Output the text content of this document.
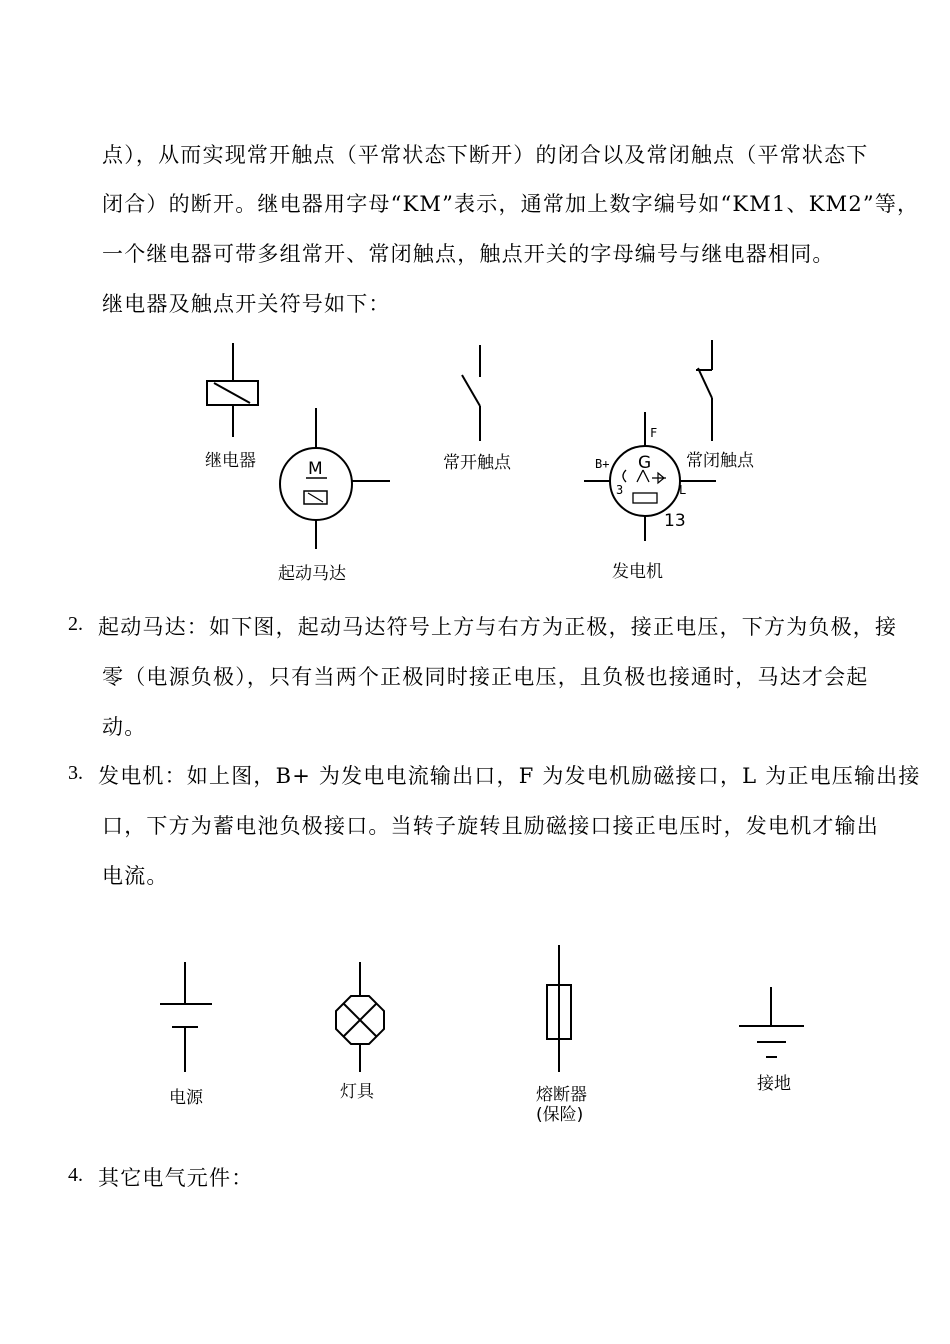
点），从而实现常开触点（平常状态下断开）的闭合以及常闭触点（平常状态下
闭合）的断开。继电器用字母“KM”表示，通常加上数字编号如“KM1、KM2”等，
一个继电器可带多组常开、常闭触点，触点开关的字母编号与继电器相同。
继电器及触点开关符号如下：
继电器	M
起动马达
常开触点	常闭触点
F
B+ G
3	L
13
发电机
2. 起动马达：如下图，起动马达符号上方与右方为正极，接正电压，下方为负极，接
零（电源负极），只有当两个正极同时接正电压，且负极也接通时，马达才会起
动。
3. 发电机：如上图，B+ 为发电电流输出口，F 为发电机励磁接口，L 为正电压输出接
口，下方为蓄电池负极接口。当转子旋转且励磁接口接正电压时，发电机才输出
电流。
电源	灯具	熔断器
(保险)
接地
4. 其它电气元件：
